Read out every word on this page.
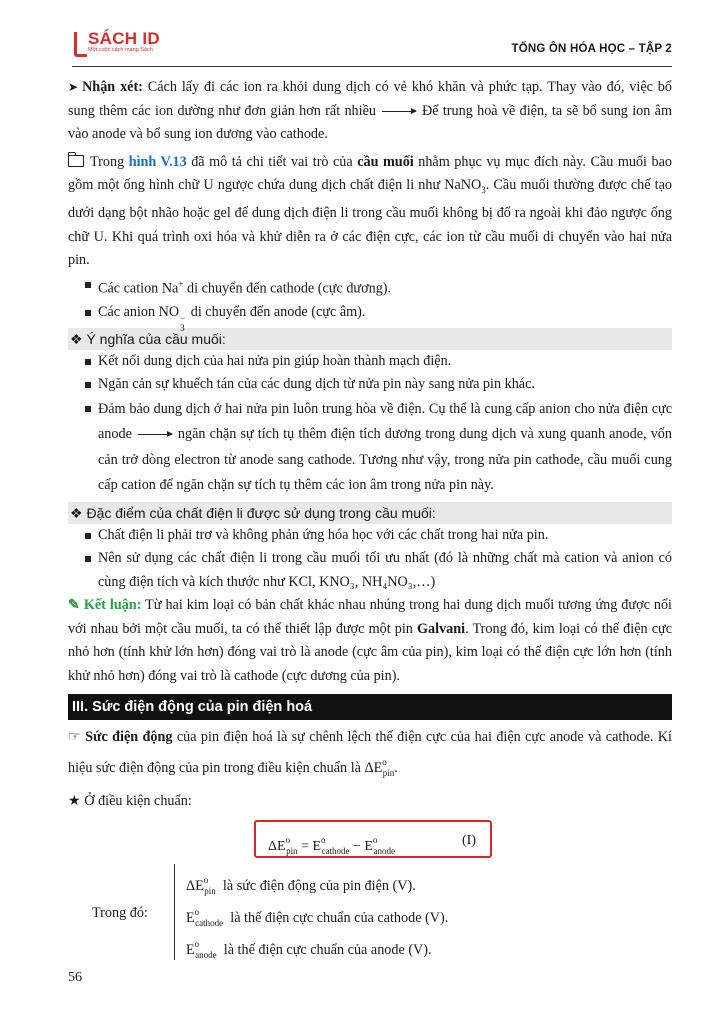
SÁCH ID
Một cuộc cách mạng Sách	TỔNG ÔN HÓA HỌC – TẬP 2

➤ Nhận xét: Cách lấy đi các ion ra khỏi dung dịch có vẻ khó khăn và phức tạp. Thay vào đó, việc bổ sung thêm các ion dường như đơn giản hơn rất nhiều	Để trung hoà về điện, ta sẽ bổ sung ion âm vào anode và bổ sung ion dương vào cathode.

Trong hình V.13 đã mô tả chi tiết vai trò của cầu muối nhằm phục vụ mục đích này. Cầu muối bao gồm một ống hình chữ U ngược chứa dung dịch chất điện li như NaNO$_3$. Cầu muối thường được chế tạo dưới dạng bột nhão hoặc gel để dung dịch điện li trong cầu muối không bị đổ ra ngoài khi đảo ngược ống chữ U. Khi quá trình oxi hóa và khử diễn ra ở các điện cực, các ion từ cầu muối di chuyển vào hai nửa pin.

Các cation Na+ di chuyển đến cathode (cực dương).
Các anion NO −
3
di chuyển đến anode (cực âm).
❖ Ý nghĩa của cầu muối:
Kết nối dung dịch của hai nửa pin giúp hoàn thành mạch điện.
Ngăn cản sự khuếch tán của các dung dịch từ nửa pin này sang nửa pin khác.
Đảm bảo dung dịch ở hai nửa pin luôn trung hòa về điện. Cụ thể là cung cấp anion cho nửa điện cực anode	ngăn chặn sự tích tụ thêm điện tích dương trong dung dịch và xung quanh anode, vốn cản trở dòng electron từ anode sang cathode. Tương như vậy, trong nửa pin cathode, cầu muối cung cấp cation để ngăn chặn sự tích tụ thêm các ion âm trong nửa pin này.
❖ Đặc điểm của chất điện li được sử dụng trong cầu muối:
Chất điện li phải trơ và không phản ứng hóa học với các chất trong hai nửa pin.
Nên sử dụng các chất điện li trong cầu muối tối ưu nhất (đó là những chất mà cation và anion có cùng điện tích và kích thước như KCl, KNO₃, NH₄NO₃,…)

✎ Kết luận: Từ hai kim loại có bản chất khác nhau nhúng trong hai dung dịch muối tương ứng được nối với nhau bởi một cầu muối, ta có thể thiết lập được một pin Galvani. Trong đó, kim loại có thế điện cực nhỏ hơn (tính khử lớn hơn) đóng vai trò là anode (cực âm của pin), kim loại có thế điện cực lớn hơn (tính khử nhỏ hơn) đóng vai trò là cathode (cực dương của pin).

III. Sức điện động của pin điện hoá

☞ Sức điện động của pin điện hoá là sự chênh lệch thế điện cực của hai điện cực anode và cathode. Kí hiệu sức điện động của pin trong điều kiện chuẩn là $\Delta E^o_{pin}$.

★ Ở điều kiện chuẩn:

$\Delta E^o_{pin} = E^o_{cathode} - E^o_{anode}$
(I)
Trong đó:
$\Delta E^o_{pin}$ là sức điện động của pin điện (V).
$E^o_{cathode}$ là thế điện cực chuẩn của cathode (V).
$E^o_{anode}$ là thế điện cực chuẩn của anode (V).
56
